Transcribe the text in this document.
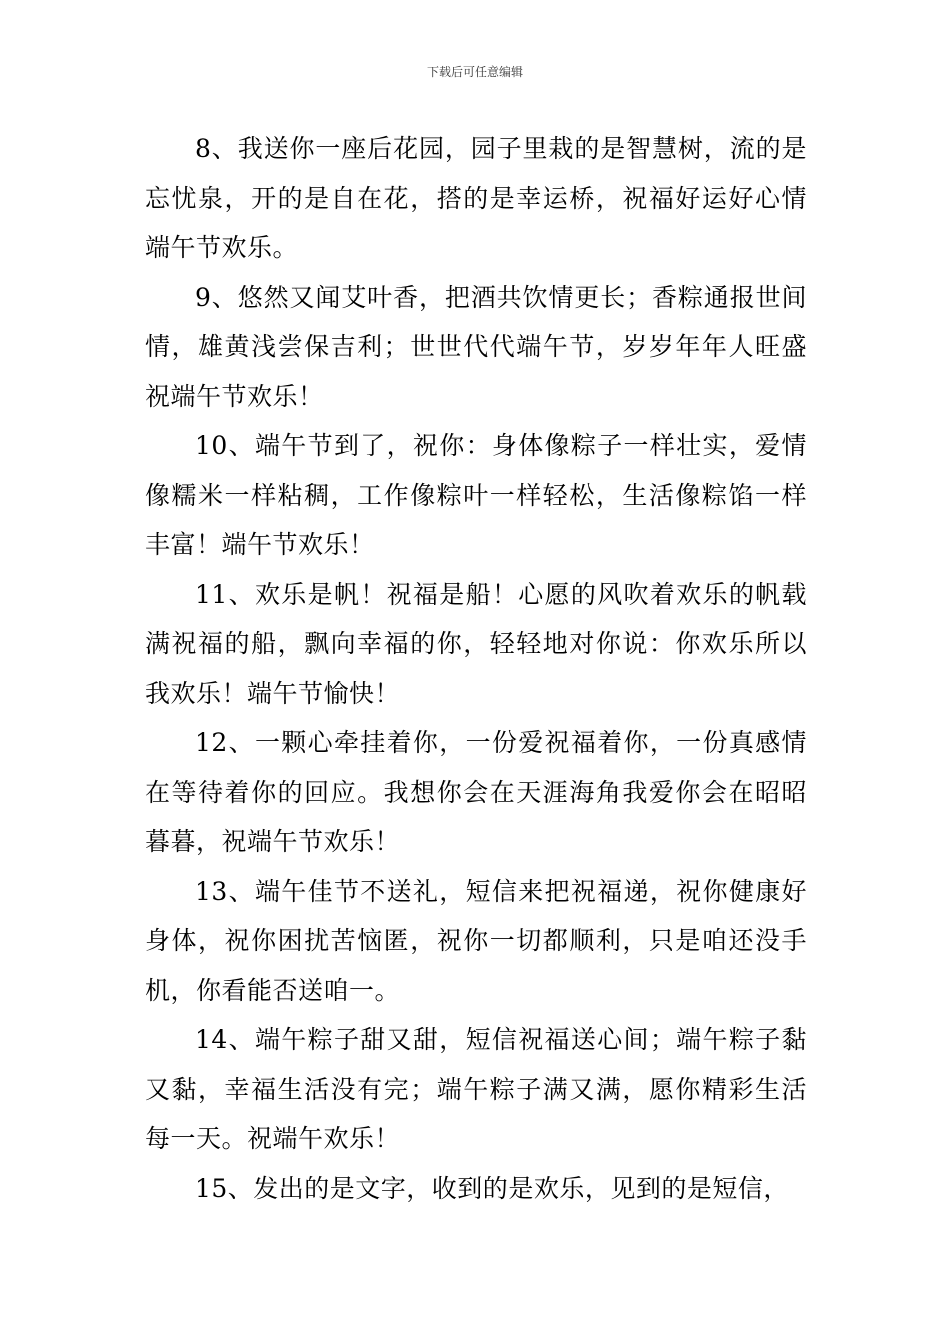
下载后可任意编辑

8、我送你一座后花园，园子里栽的是智慧树，流的是忘忧泉，开的是自在花，搭的是幸运桥，祝福好运好心情端午节欢乐。

9、悠然又闻艾叶香，把酒共饮情更长；香粽通报世间情，雄黄浅尝保吉利；世世代代端午节，岁岁年年人旺盛祝端午节欢乐！

10、端午节到了，祝你：身体像粽子一样壮实，爱情像糯米一样粘稠，工作像粽叶一样轻松，生活像粽馅一样丰富！端午节欢乐！

11、欢乐是帆！祝福是船！心愿的风吹着欢乐的帆载满祝福的船，飘向幸福的你，轻轻地对你说：你欢乐所以我欢乐！端午节愉快！

12、一颗心牵挂着你，一份爱祝福着你，一份真感情在等待着你的回应。我想你会在天涯海角我爱你会在昭昭暮暮，祝端午节欢乐！

13、端午佳节不送礼，短信来把祝福递，祝你健康好身体，祝你困扰苦恼匿，祝你一切都顺利，只是咱还没手机，你看能否送咱一。

14、端午粽子甜又甜，短信祝福送心间；端午粽子黏又黏，幸福生活没有完；端午粽子满又满，愿你精彩生活每一天。祝端午欢乐！

15、发出的是文字，收到的是欢乐，见到的是短信，
